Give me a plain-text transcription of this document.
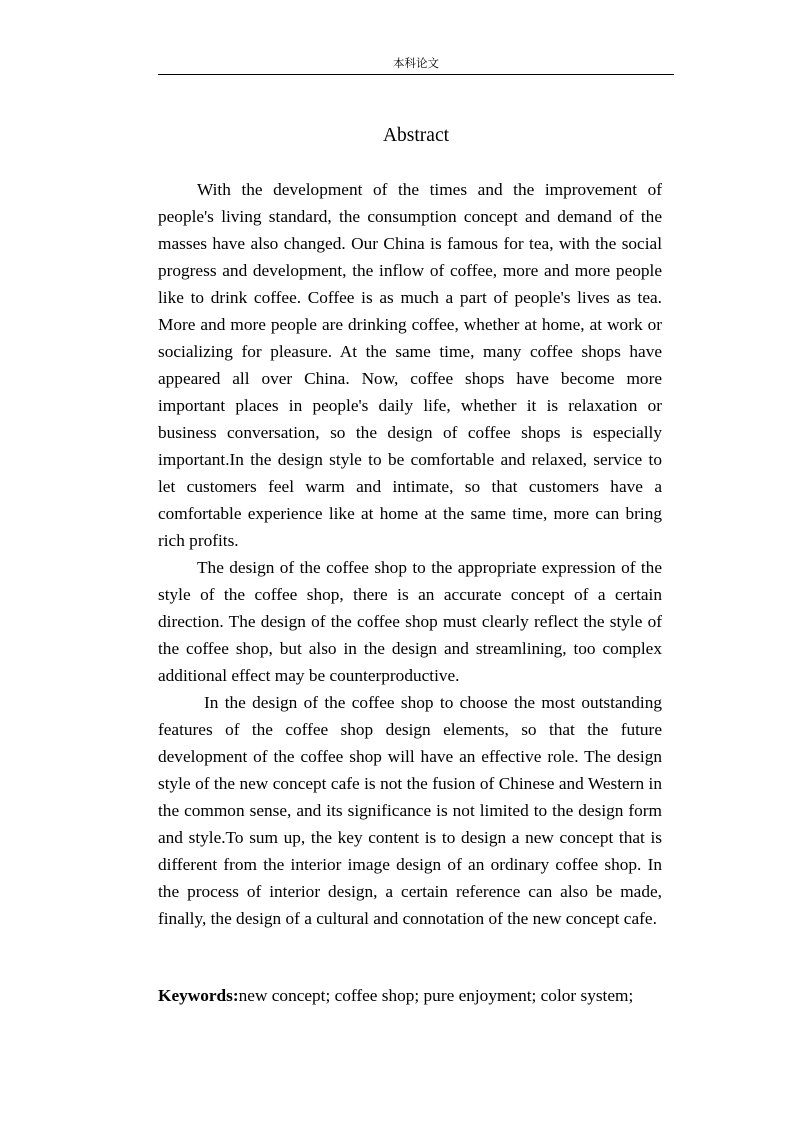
本科论文
Abstract

With the development of the times and the improvement of people's living standard, the consumption concept and demand of the masses have also changed. Our China is famous for tea, with the social progress and development, the inflow of coffee, more and more people like to drink coffee. Coffee is as much a part of people's lives as tea. More and more people are drinking coffee, whether at home, at work or socializing for pleasure. At the same time, many coffee shops have appeared all over China. Now, coffee shops have become more important places in people's daily life, whether it is relaxation or business conversation, so the design of coffee shops is especially important.In the design style to be comfortable and relaxed, service to let customers feel warm and intimate, so that customers have a comfortable experience like at home at the same time, more can bring rich profits.

The design of the coffee shop to the appropriate expression of the style of the coffee shop, there is an accurate concept of a certain direction. The design of the coffee shop must clearly reflect the style of the coffee shop, but also in the design and streamlining, too complex additional effect may be counterproductive.

In the design of the coffee shop to choose the most outstanding features of the coffee shop design elements, so that the future development of the coffee shop will have an effective role. The design style of the new concept cafe is not the fusion of Chinese and Western in the common sense, and its significance is not limited to the design form and style.To sum up, the key content is to design a new concept that is different from the interior image design of an ordinary coffee shop. In the process of interior design, a certain reference can also be made, finally, the design of a cultural and connotation of the new concept cafe.

Keywords:new concept; coffee shop; pure enjoyment; color system;
